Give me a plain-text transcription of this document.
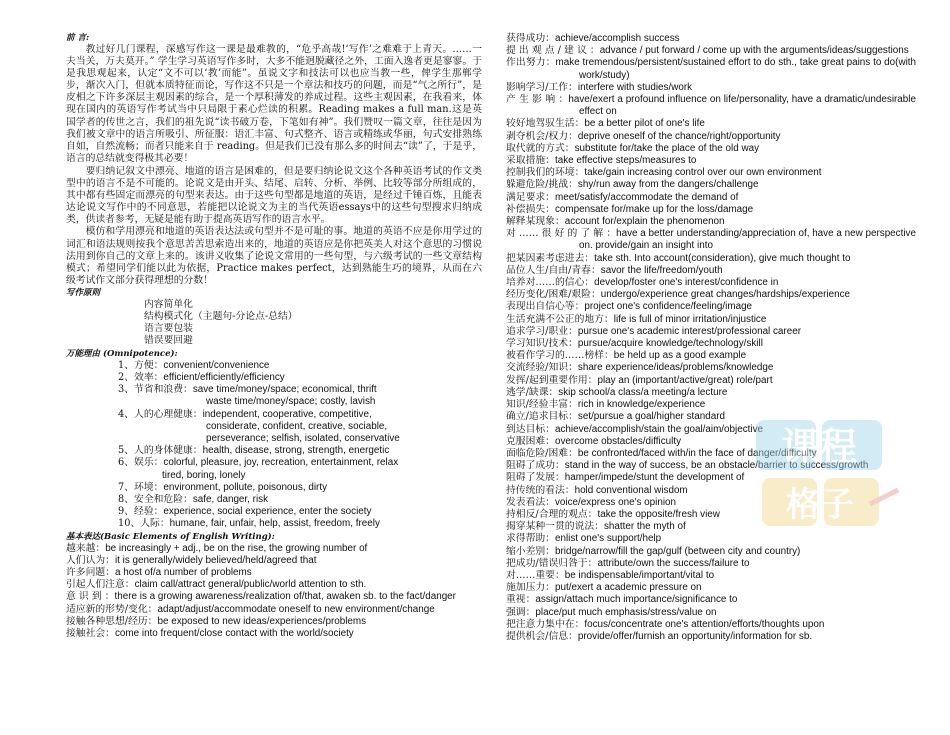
前 言:

教过好几门课程，深感写作这一课是最难教的，“危乎高哉!‘写作’之难难于上青天。……一夫当关，万夫莫开。” 学生学习英语写作多时，大多不能迥脱藏径之外，工面入逸者更是寥寥。于是我思观起来，认定“文不可以‘教’而能”。虽说文字和技法可以也应当教一些，俾学生那郸学步，渐次入门，但就本质特征而论，写作这不只是一个章法和技巧的问题，而是“气之所行”，是皮相之下许多深层主观因素的综合，是一个厚积薄发的养成过程。这些主观因素，在我看来，体现在国内的英语写作考试当中只局限于素心烂读的积累。Reading makes a full man.这是英国学者的传世之言，我们的祖先说“读书破万卷，下笔如有神”。我们赞叹一篇文章，往往是因为我们被文章中的语言所吸引、所征服：语汇丰富、句式整齐、语言或精练或华丽，句式安排熟练自如，自然流畅；而者只能来自于 reading。但是我们已没有那么多的时间去“读”了，于是乎，语言的总结就变得极其必要！

要归纳记叙文中漂亮、地道的语言是困难的，但是要归纳论说文这个各种英语考试的作文类型中的语言不是不可能的。论说文是由开头、结尾、启转、分析、举例、比较等部分所组成的，其中都有些固定而漂亮的句型来表达。由于这些句型都是地道的英语，是经过千锤百炼，且能表达论说文写作中的不同意思，若能把以论说文为主的当代英语essays中的这些句型搜求归纳成类，供读者参考，无疑是能有助于提高英语写作的语言水平。

模仿和学用漂亮和地道的英语表达法或句型并不是可耻的事。地道的英语不应是你用学过的词汇和语法规则按我个意思苦苦思索造出来的，地道的英语应是你把英美人对这个意思的习惯说法用到你自己的文章上来的。该讲义收集了论说文常用的一些句型，与六级考试的一些文章结构模式；希望同学们能以此为依据，Practice makes perfect，达到熟能生巧的境界，从而在六级考试作文部分获得理想的分数！

写作原则

内容简单化
结构模式化（主题句-分论点-总结）
语言要包装
错误要回避

万能理由 (Omnipotence):

1、方便：convenient/convenience
2、效率：efficient/efficiently/efficiency
3、节省和浪费：save time/money/space; economical, thrift
waste time/money/space; costly, lavish
4、人的心理健康：independent, cooperative, competitive,
considerate, confident, creative, sociable,
perseverance; selfish, isolated, conservative
5、人的身体健康：health, disease, strong, strength, energetic
6、娱乐：colorful, pleasure, joy, recreation, entertainment, relax
tired, boring, lonely
7、环境：environment, pollute, poisonous, dirty
8、安全和危险：safe, danger, risk
9、经验：experience, social experience, enter the society
10、人际：humane, fair, unfair, help, assist, freedom, freely

基本表达(Basic Elements of English Writing):

越来越：be increasingly + adj., be on the rise, the growing number of
人们认为：it is generally/widely believed/held/agreed that
许多问题：a host of/a number of problems
引起人们注意：claim call/attract general/public/world attention to sth.
意 识 到 ：there is a growing awareness/realization of/that, awaken sb. to the fact/danger
适应新的形势/变化：adapt/adjust/accommodate oneself to new environment/change
接触各种思想/经历：be exposed to new ideas/experiences/problems
接触社会：come into frequent/close contact with the world/society
获得成功：achieve/accomplish success
提 出 观 点 / 建 议 ：advance / put forward / come up with the arguments/ideas/suggestions
作出努力：make tremendous/persistent/sustained effort to do sth., take great pains to do(with work/study)
影响学习/工作：interfere with studies/work
产 生 影 响 ：have/exert a profound influence on life/personality, have a dramatic/undesirable effect on
较好地驾驭生活：be a better pilot of one's life
剥夺机会/权力：deprive oneself of the chance/right/opportunity
取代就的方式：substitute for/take the place of the old way
采取措施：take effective steps/measures to
控制我们的环境：take/gain increasing control over our own environment
躲避危险/挑战：shy/run away from the dangers/challenge
满足要求：meet/satisfy/accommodate the demand of
补偿损失：compensate for/make up for the loss/damage
解释某现象：account for/explain the phenomenon
对 …… 很 好 的 了 解 ：have a better understanding/appreciation of, have a new perspective on. provide/gain an insight into
把某因素考虑进去：take sth. Into account(consideration), give much thought to
品位人生/自由/青春：savor the life/freedom/youth
培养对……的信心：develop/foster one's interest/confidence in
经历变化/困难/艰险：undergo/experience great changes/hardships/experience
表现出自信心等：project one's confidence/feeling/image
生活充满不公正的地方：life is full of minor irritation/injustice
追求学习/职业：pursue one's academic interest/professional career
学习知识/技术：pursue/acquire knowledge/technology/skill
被看作学习的……榜样：be held up as a good example
交流经验/知识：share experience/ideas/problems/knowledge
发挥/起到重要作用：play an (important/active/great) role/part
逃学/缺课：skip school/a class/a meeting/a lecture
知识/经验丰富：rich in knowledge/experience
确立/追求目标：set/pursue a goal/higher standard
到达目标：achieve/accomplish/stain the goal/aim/objective
克服困难：overcome obstacles/difficulty
面临危险/困难：be confronted/faced with/in the face of danger/difficulty
阻碍了成功：stand in the way of success, be an obstacle/barrier to success/growth
阻碍了发展：hamper/impede/stunt the development of
持传统的看法：hold conventional wisdom
发表看法：voice/express one's opinion
持相反/合理的观点：take the opposite/fresh view
揭穿某种一贯的说法：shatter the myth of
求得帮助：enlist one's support/help
缩小差别：bridge/narrow/fill the gap/gulf (between city and country)
把成功/错误归咎于：attribute/own the success/failure to
对……重要：be indispensable/important/vital to
施加压力：put/exert a academic pressure on
重视：assign/attach much importance/significance to
强调：place/put much emphasis/stress/value on
把注意力集中在：focus/concentrate one's attention/efforts/thoughts upon
提供机会/信息：provide/offer/furnish an opportunity/information for sb.
课程
格子
